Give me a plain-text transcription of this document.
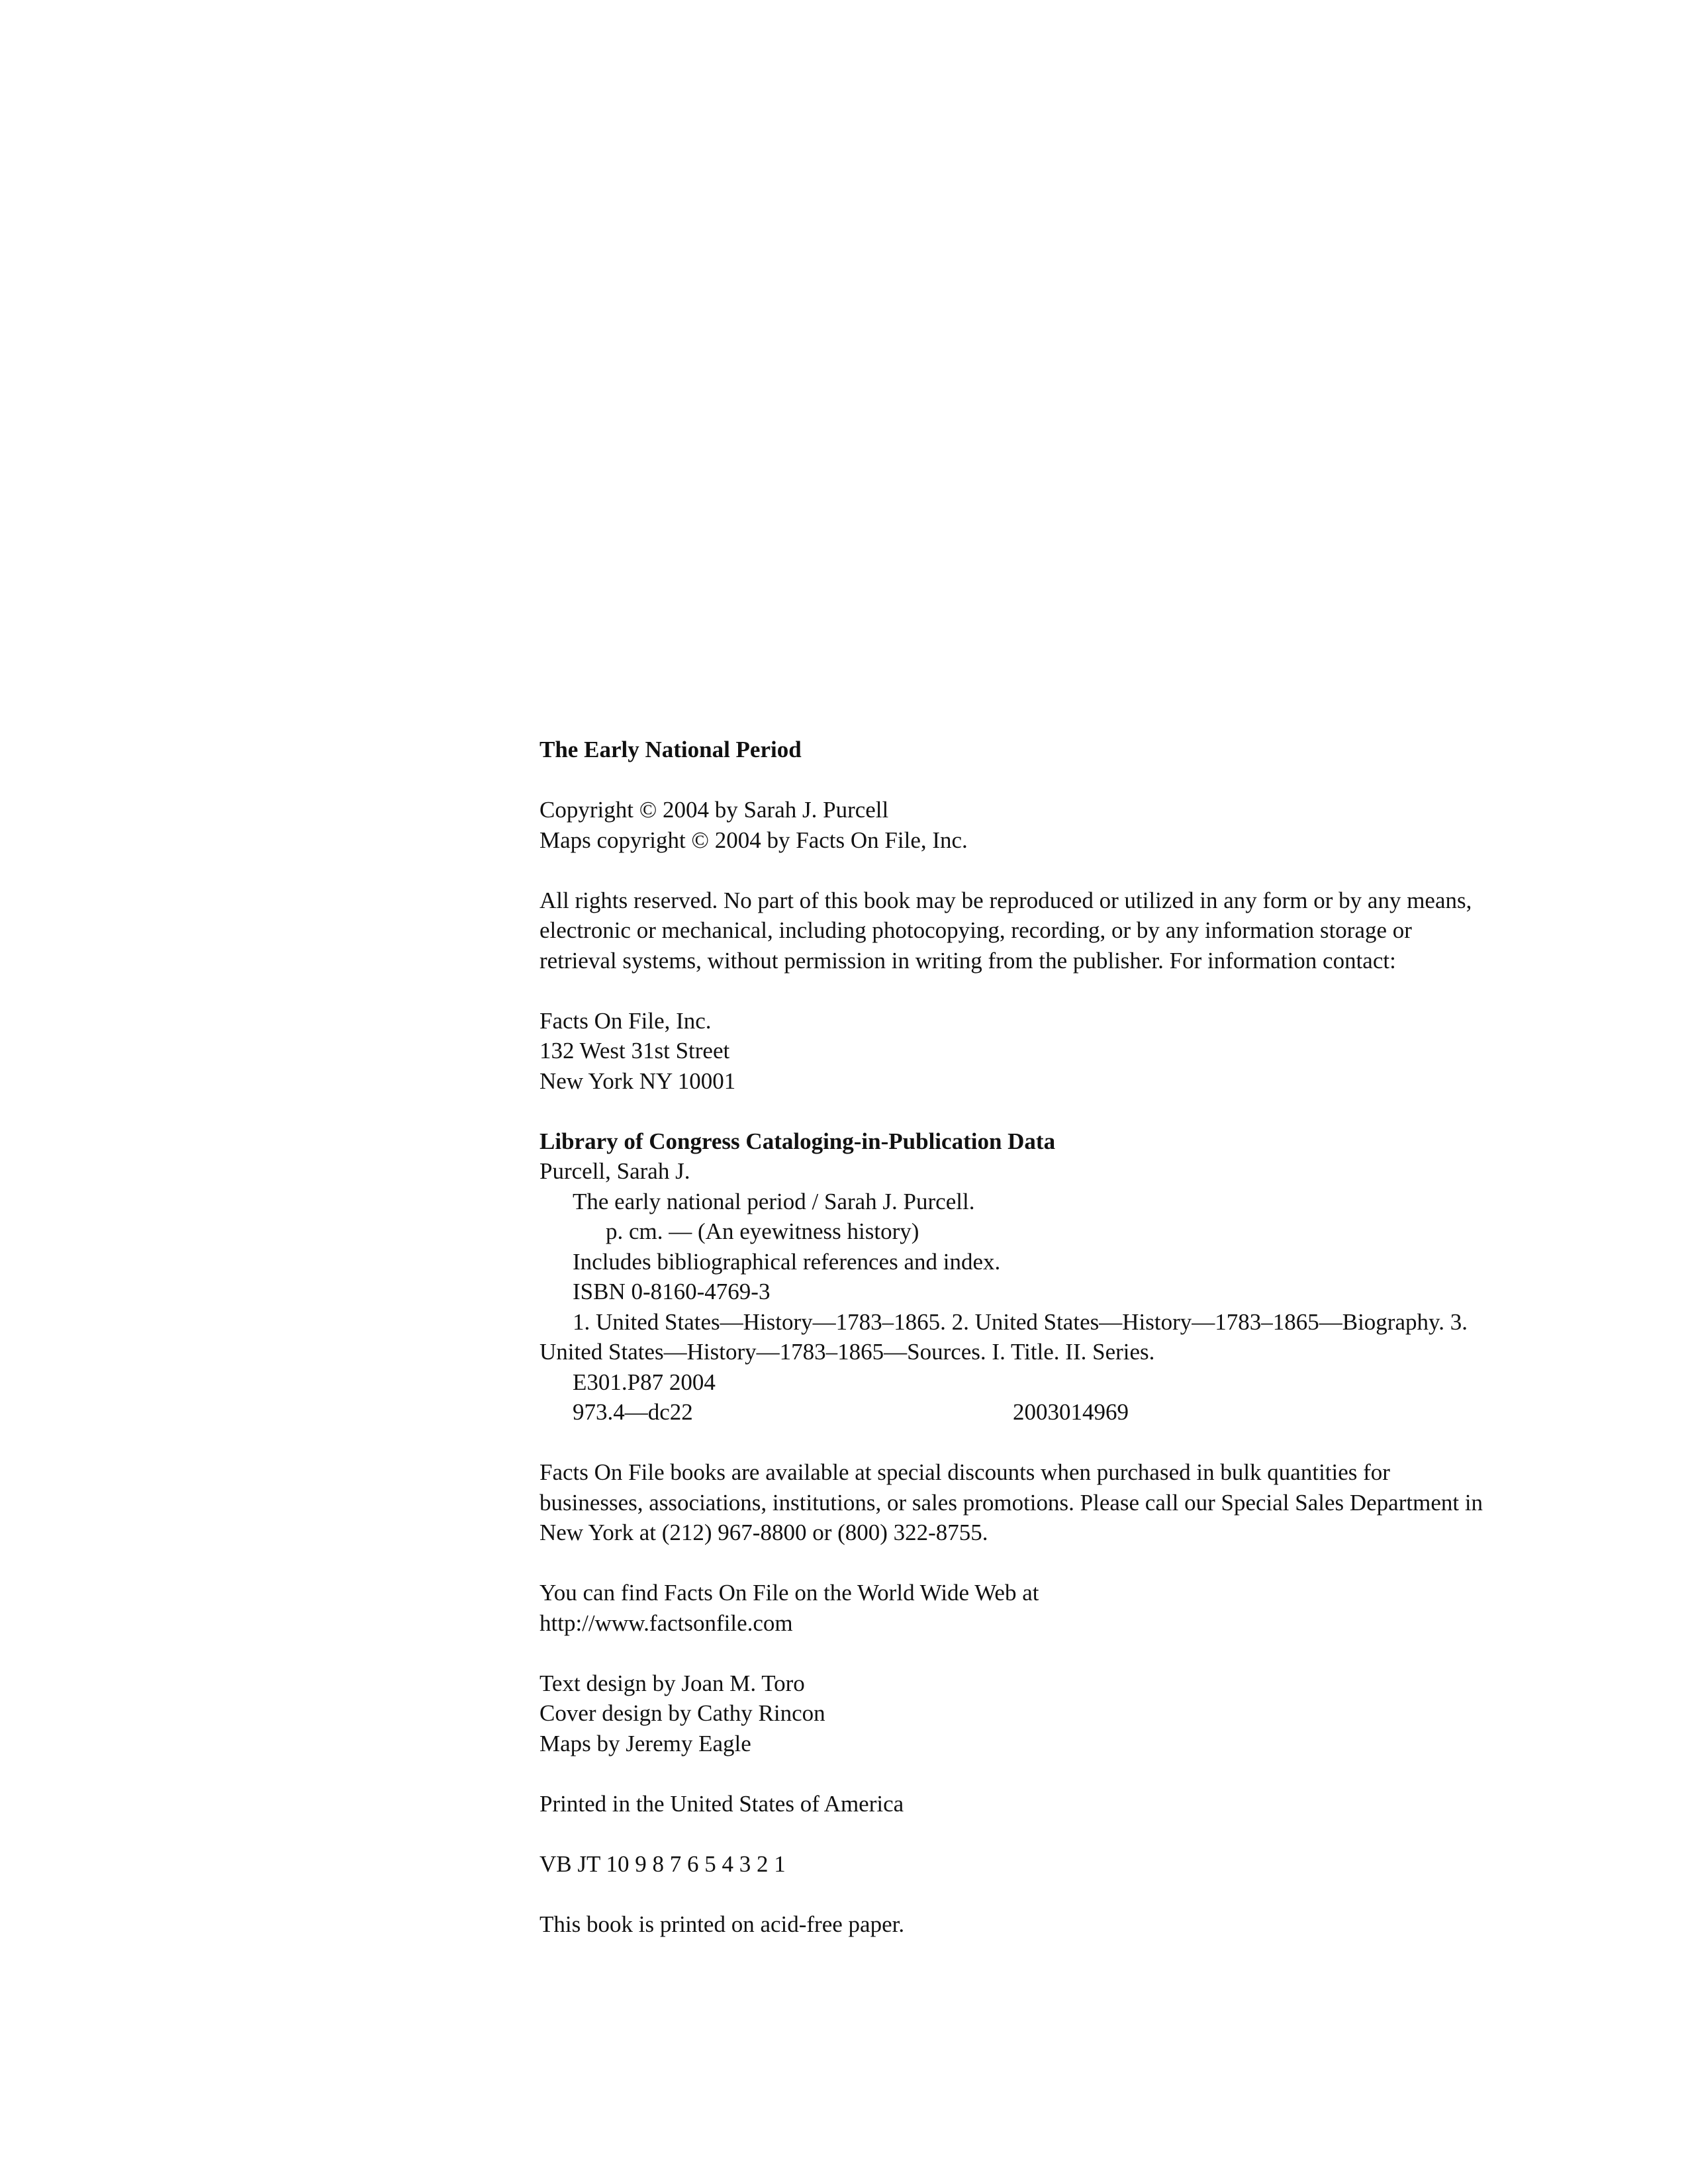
The Early National Period
Copyright © 2004 by Sarah J. Purcell
Maps copyright © 2004 by Facts On File, Inc.
All rights reserved. No part of this book may be reproduced or utilized in any form or by any means,
electronic or mechanical, including photocopying, recording, or by any information storage or
retrieval systems, without permission in writing from the publisher. For information contact:
Facts On File, Inc.
132 West 31st Street
New York NY 10001
Library of Congress Cataloging-in-Publication Data
Purcell, Sarah J.
The early national period / Sarah J. Purcell.
p. cm. — (An eyewitness history)
Includes bibliographical references and index.
ISBN 0-8160-4769-3
1. United States—History—1783–1865. 2. United States—History—1783–1865—Biography. 3.
United States—History—1783–1865—Sources. I. Title. II. Series.
E301.P87 2004
973.4—dc22	2003014969
Facts On File books are available at special discounts when purchased in bulk quantities for
businesses, associations, institutions, or sales promotions. Please call our Special Sales Department in
New York at (212) 967-8800 or (800) 322-8755.
You can find Facts On File on the World Wide Web at
http://www.factsonfile.com
Text design by Joan M. Toro
Cover design by Cathy Rincon
Maps by Jeremy Eagle
Printed in the United States of America
VB JT 10 9 8 7 6 5 4 3 2 1
This book is printed on acid-free paper.
